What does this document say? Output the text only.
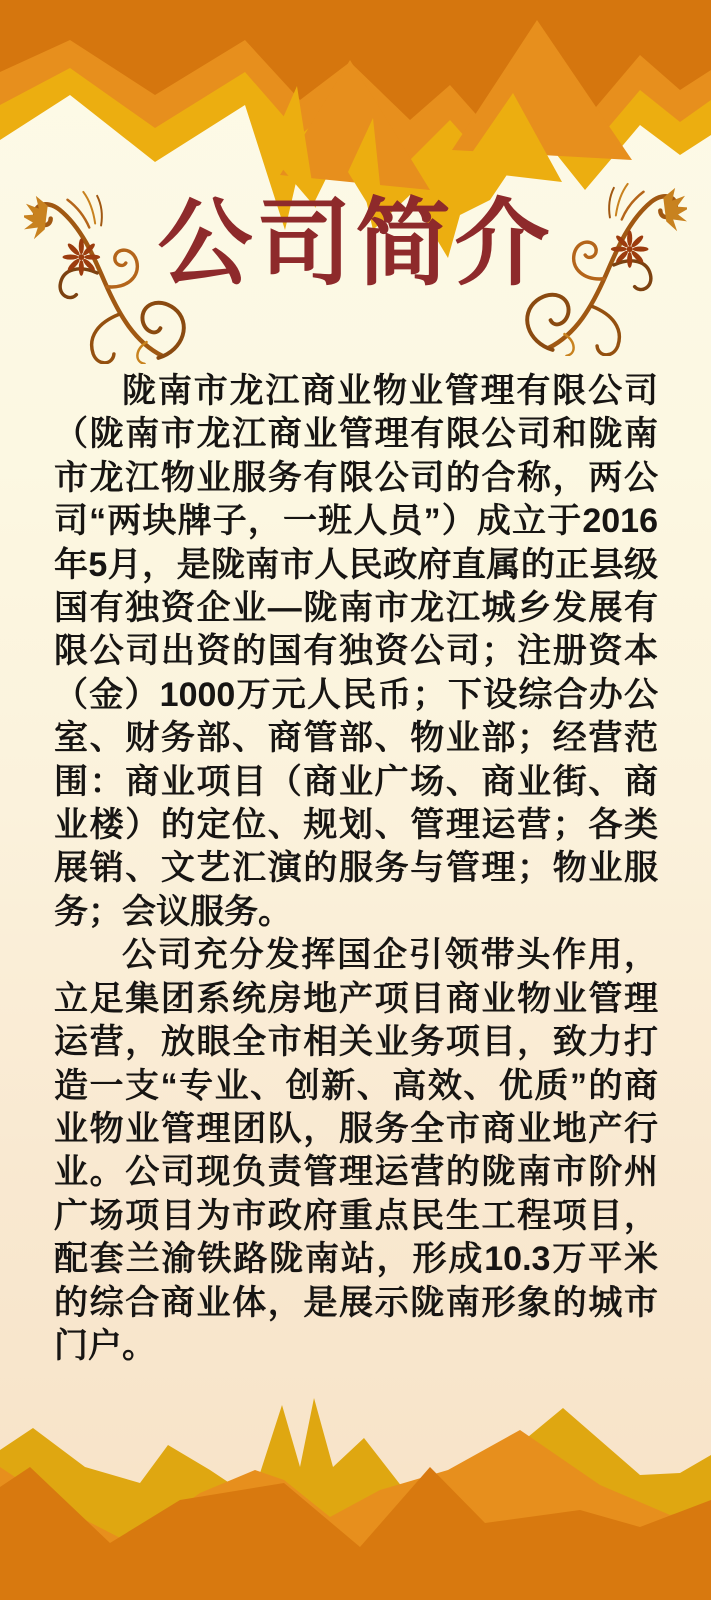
公司简介

陇南市龙江商业物业管理有限公司（陇南市龙江商业管理有限公司和陇南市龙江物业服务有限公司的合称，两公司“两块牌子，一班人员”）成立于2016年5月，是陇南市人民政府直属的正县级国有独资企业—陇南市龙江城乡发展有限公司出资的国有独资公司；注册资本（金）1000万元人民币；下设综合办公室、财务部、商管部、物业部；经营范围：商业项目（商业广场、商业街、商业楼）的定位、规划、管理运营；各类展销、文艺汇演的服务与管理；物业服务；会议服务。

公司充分发挥国企引领带头作用，立足集团系统房地产项目商业物业管理运营，放眼全市相关业务项目，致力打造一支“专业、创新、高效、优质”的商业物业管理团队，服务全市商业地产行业。公司现负责管理运营的陇南市阶州广场项目为市政府重点民生工程项目，配套兰渝铁路陇南站，形成10.3万平米的综合商业体，是展示陇南形象的城市门户。
